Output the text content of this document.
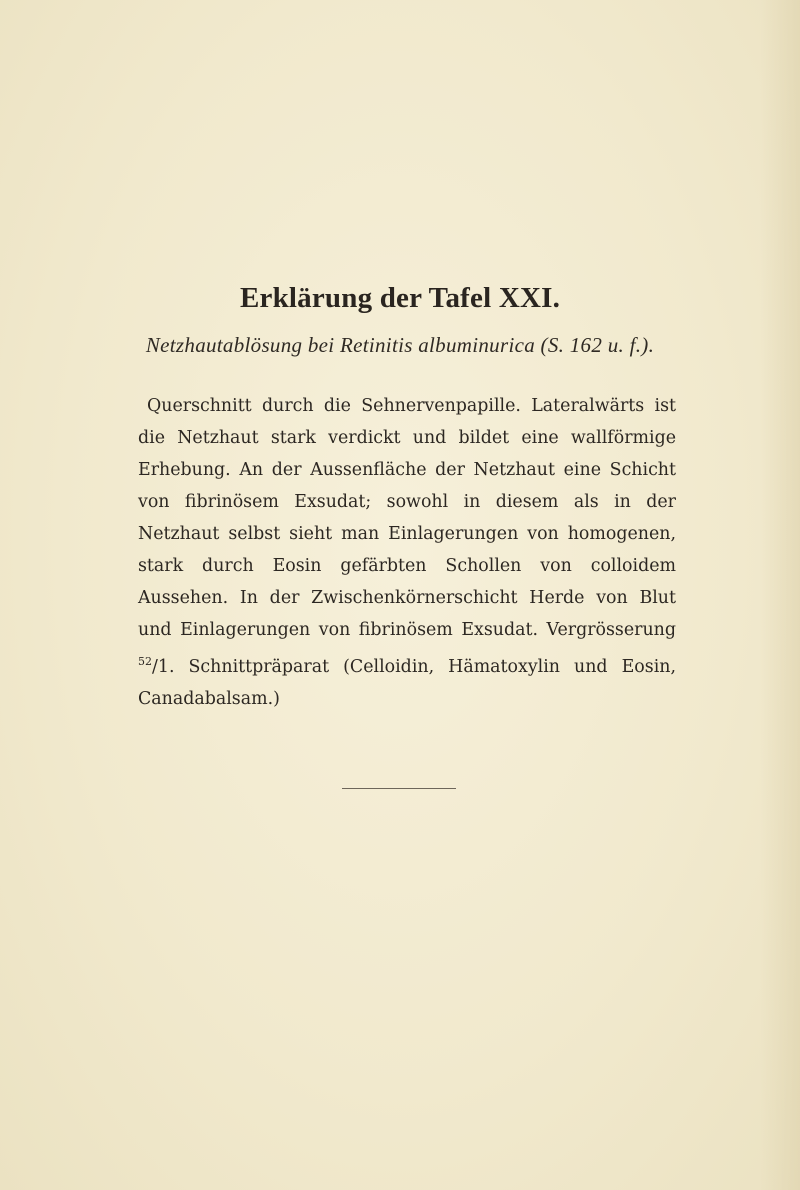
Erklärung der Tafel XXI.
Netzhautablösung bei Retinitis albuminurica (S. 162 u. f.).

Querschnitt durch die Sehnervenpapille. Lateralwärts ist die Netzhaut stark verdickt und bildet eine wallförmige Erhebung. An der Aussenfläche der Netzhaut eine Schicht von fibrinösem Exsudat; sowohl in diesem als in der Netzhaut selbst sieht man Einlagerungen von homogenen, stark durch Eosin gefärbten Schollen von colloidem Aussehen. In der Zwischenkörnerschicht Herde von Blut und Einlagerungen von fibrinösem Exsudat. Vergrösserung $^{52}$/1. Schnittpräparat (Celloidin, Hämatoxylin und Eosin, Canadabalsam.)
